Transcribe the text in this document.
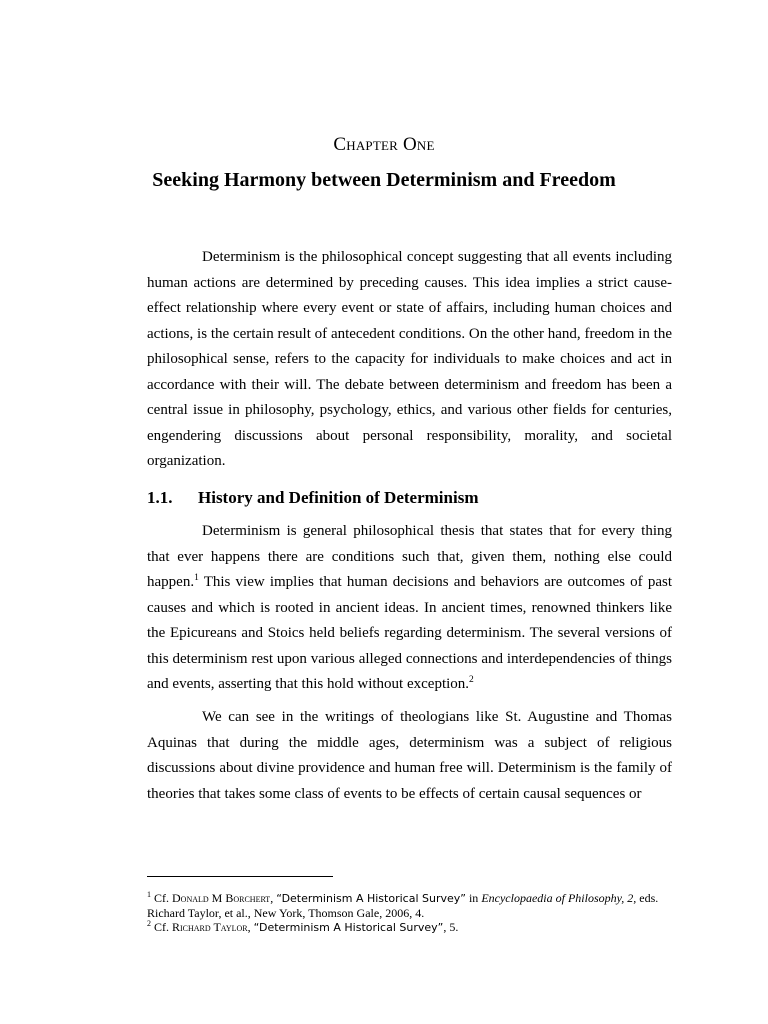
Chapter One
Seeking Harmony between Determinism and Freedom

Determinism is the philosophical concept suggesting that all events including human actions are determined by preceding causes. This idea implies a strict cause-effect relationship where every event or state of affairs, including human choices and actions, is the certain result of antecedent conditions. On the other hand, freedom in the philosophical sense, refers to the capacity for individuals to make choices and act in accordance with their will. The debate between determinism and freedom has been a central issue in philosophy, psychology, ethics, and various other fields for centuries, engendering discussions about personal responsibility, morality, and societal organization.

1.1. History and Definition of Determinism

Determinism is general philosophical thesis that states that for every thing that ever happens there are conditions such that, given them, nothing else could happen.$^1$ This view implies that human decisions and behaviors are outcomes of past causes and which is rooted in ancient ideas. In ancient times, renowned thinkers like the Epicureans and Stoics held beliefs regarding determinism. The several versions of this determinism rest upon various alleged connections and interdependencies of things and events, asserting that this hold without exception.$^2$

We can see in the writings of theologians like St. Augustine and Thomas Aquinas that during the middle ages, determinism was a subject of religious discussions about divine providence and human free will. Determinism is the family of theories that takes some class of events to be effects of certain causal sequences or

$^1$ Cf. Donald M Borchert, “Determinism A Historical Survey” in Encyclopaedia of Philosophy, 2, eds. Richard Taylor, et al., New York, Thomson Gale, 2006, 4.

$^2$ Cf. Richard Taylor, “Determinism A Historical Survey”, 5.
